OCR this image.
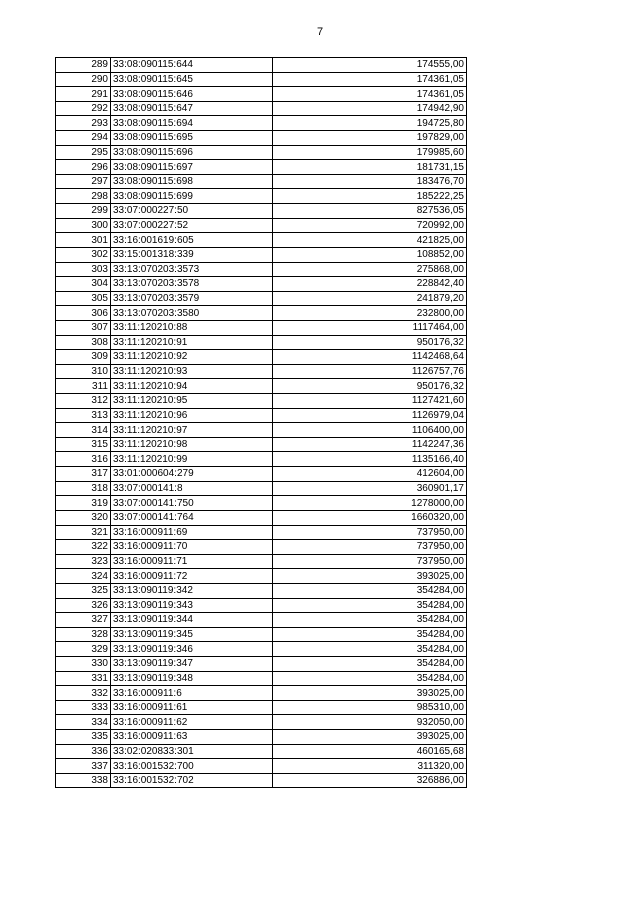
7
289	33:08:090115:644	174555,00
290	33:08:090115:645	174361,05
291	33:08:090115:646	174361,05
292	33:08:090115:647	174942,90
293	33:08:090115:694	194725,80
294	33:08:090115:695	197829,00
295	33:08:090115:696	179985,60
296	33:08:090115:697	181731,15
297	33:08:090115:698	183476,70
298	33:08:090115:699	185222,25
299	33:07:000227:50	827536,05
300	33:07:000227:52	720992,00
301	33:16:001619:605	421825,00
302	33:15:001318:339	108852,00
303	33:13:070203:3573	275868,00
304	33:13:070203:3578	228842,40
305	33:13:070203:3579	241879,20
306	33:13:070203:3580	232800,00
307	33:11:120210:88	1117464,00
308	33:11:120210:91	950176,32
309	33:11:120210:92	1142468,64
310	33:11:120210:93	1126757,76
311	33:11:120210:94	950176,32
312	33:11:120210:95	1127421,60
313	33:11:120210:96	1126979,04
314	33:11:120210:97	1106400,00
315	33:11:120210:98	1142247,36
316	33:11:120210:99	1135166,40
317	33:01:000604:279	412604,00
318	33:07:000141:8	360901,17
319	33:07:000141:750	1278000,00
320	33:07:000141:764	1660320,00
321	33:16:000911:69	737950,00
322	33:16:000911:70	737950,00
323	33:16:000911:71	737950,00
324	33:16:000911:72	393025,00
325	33:13:090119:342	354284,00
326	33:13:090119:343	354284,00
327	33:13:090119:344	354284,00
328	33:13:090119:345	354284,00
329	33:13:090119:346	354284,00
330	33:13:090119:347	354284,00
331	33:13:090119:348	354284,00
332	33:16:000911:6	393025,00
333	33:16:000911:61	985310,00
334	33:16:000911:62	932050,00
335	33:16:000911:63	393025,00
336	33:02:020833:301	460165,68
337	33:16:001532:700	311320,00
338	33:16:001532:702	326886,00
